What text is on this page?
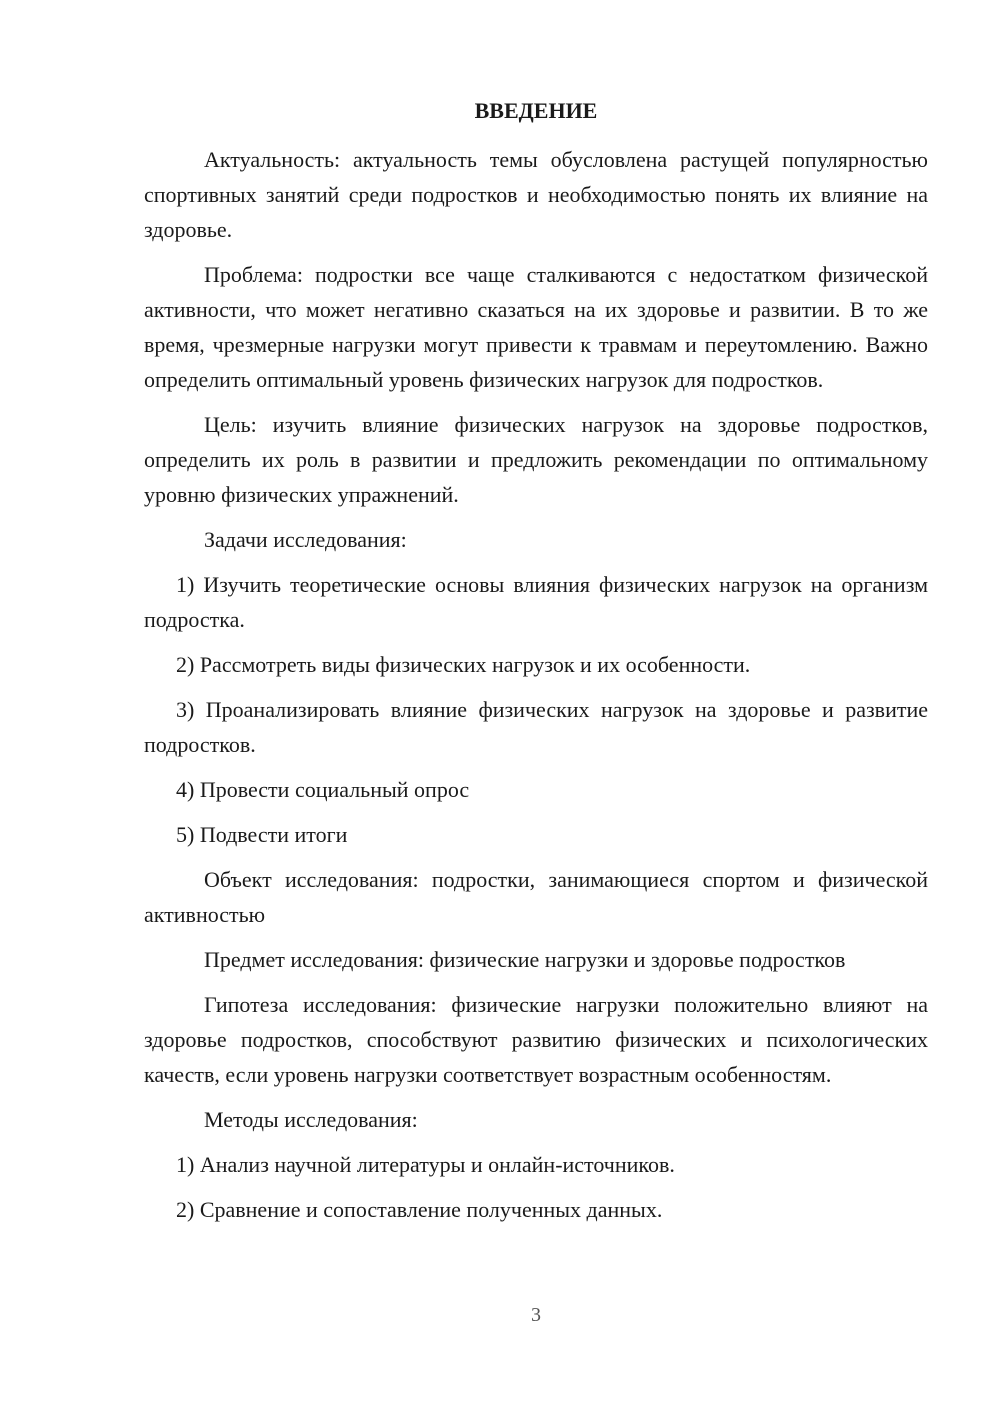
ВВЕДЕНИЕ

Актуальность: актуальность темы обусловлена растущей популярностью спортивных занятий среди подростков и необходимостью понять их влияние на здоровье.

Проблема: подростки все чаще сталкиваются с недостатком физической активности, что может негативно сказаться на их здоровье и развитии. В то же время, чрезмерные нагрузки могут привести к травмам и переутомлению. Важно определить оптимальный уровень физических нагрузок для подростков.

Цель: изучить влияние физических нагрузок на здоровье подростков, определить их роль в развитии и предложить рекомендации по оптимальному уровню физических упражнений.

Задачи исследования:

1) Изучить теоретические основы влияния физических нагрузок на организм подростка.

2) Рассмотреть виды физических нагрузок и их особенности.

3) Проанализировать влияние физических нагрузок на здоровье и развитие подростков.

4) Провести социальный опрос

5) Подвести итоги

Объект исследования: подростки, занимающиеся спортом и физической активностью

Предмет исследования: физические нагрузки и здоровье подростков

Гипотеза исследования: физические нагрузки положительно влияют на здоровье подростков, способствуют развитию физических и психологических качеств, если уровень нагрузки соответствует возрастным особенностям.

Методы исследования:

1) Анализ научной литературы и онлайн-источников.

2) Сравнение и сопоставление полученных данных.

3
